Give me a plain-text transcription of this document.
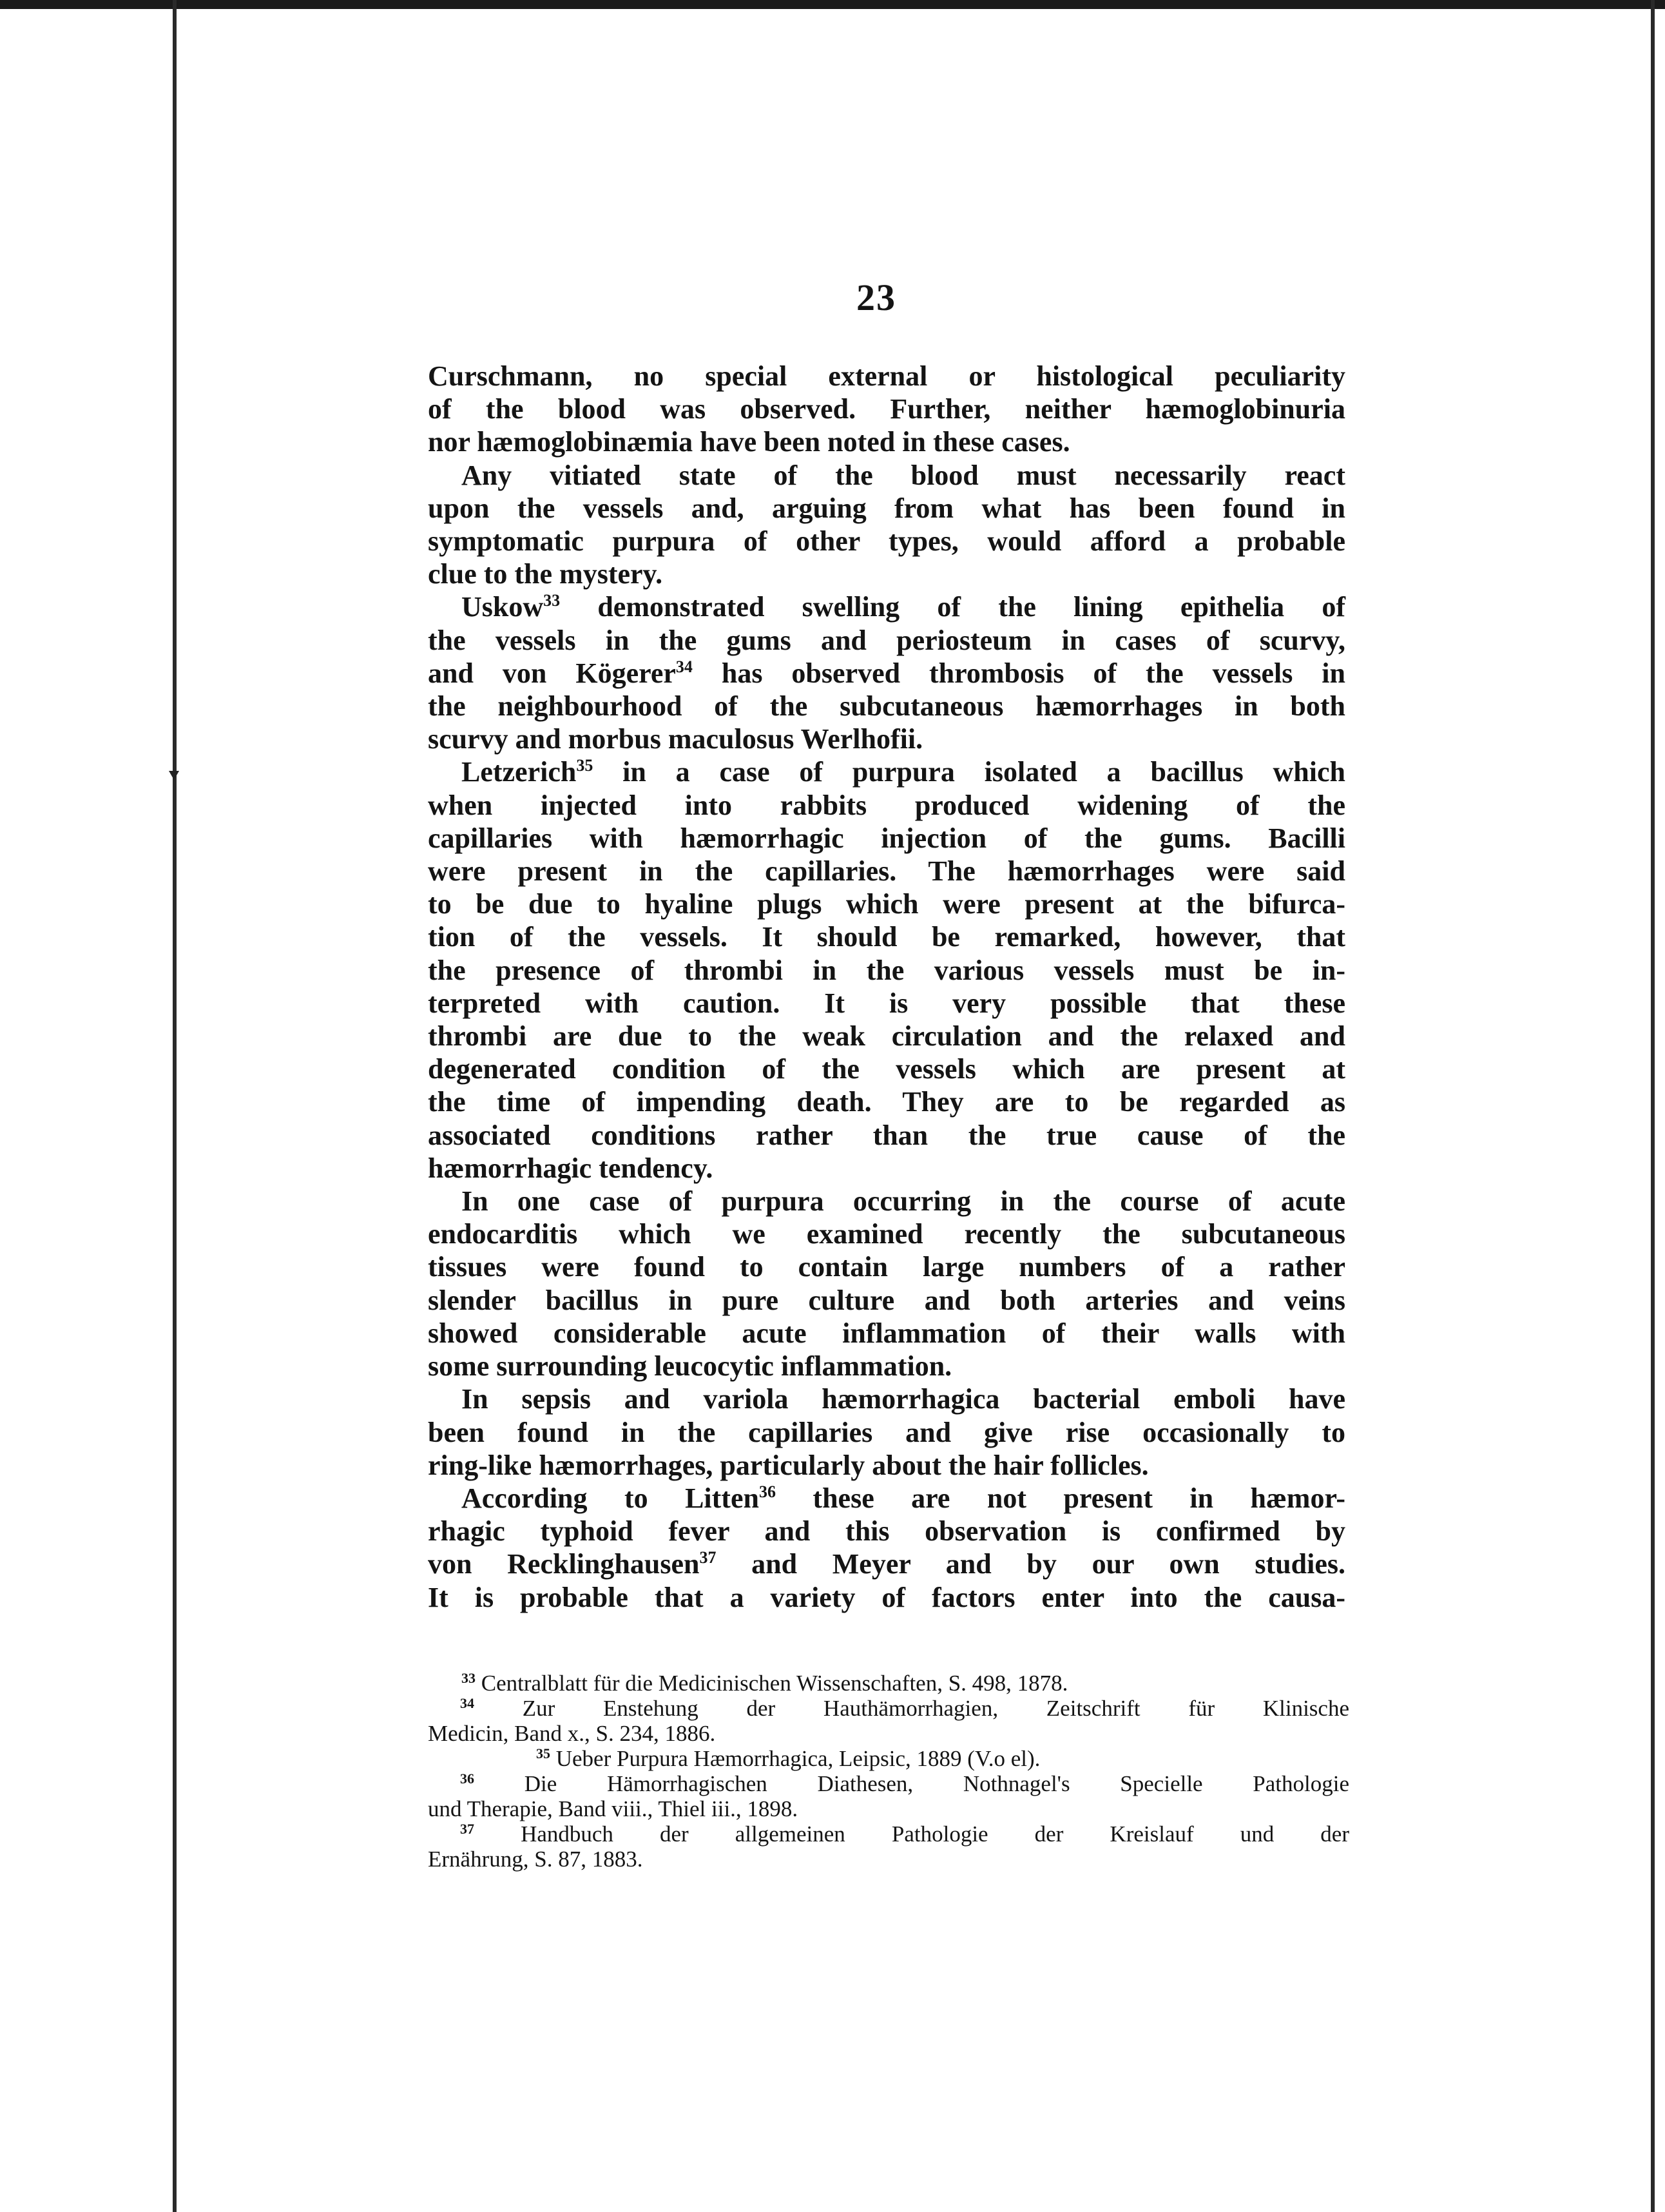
23

Curschmann, no special external or histological peculiarity
of the blood was observed. Further, neither hæmoglobinuria
nor hæmoglobinæmia have been noted in these cases.

Any vitiated state of the blood must necessarily react
upon the vessels and, arguing from what has been found in
symptomatic purpura of other types, would afford a probable
clue to the mystery.

Uskow$^{33}$ demonstrated swelling of the lining epithelia of
the vessels in the gums and periosteum in cases of scurvy,
and von Kögerer$^{34}$ has observed thrombosis of the vessels in
the neighbourhood of the subcutaneous hæmorrhages in both
scurvy and morbus maculosus Werlhofii.

Letzerich$^{35}$ in a case of purpura isolated a bacillus which
when injected into rabbits produced widening of the
capillaries with hæmorrhagic injection of the gums. Bacilli
were present in the capillaries. The hæmorrhages were said
to be due to hyaline plugs which were present at the bifurca-
tion of the vessels. It should be remarked, however, that
the presence of thrombi in the various vessels must be in-
terpreted with caution. It is very possible that these
thrombi are due to the weak circulation and the relaxed and
degenerated condition of the vessels which are present at
the time of impending death. They are to be regarded as
associated conditions rather than the true cause of the
hæmorrhagic tendency.

In one case of purpura occurring in the course of acute
endocarditis which we examined recently the subcutaneous
tissues were found to contain large numbers of a rather
slender bacillus in pure culture and both arteries and veins
showed considerable acute inflammation of their walls with
some surrounding leucocytic inflammation.

In sepsis and variola hæmorrhagica bacterial emboli have
been found in the capillaries and give rise occasionally to
ring-like hæmorrhages, particularly about the hair follicles.

According to Litten$^{36}$ these are not present in hæmor-
rhagic typhoid fever and this observation is confirmed by
von Recklinghausen$^{37}$ and Meyer and by our own studies.
It is probable that a variety of factors enter into the causa-

$^{33}$ Centralblatt für die Medicinischen Wissenschaften, S. 498, 1878.
$^{34}$ Zur Enstehung der Hauthämorrhagien, Zeitschrift für Klinische
Medicin, Band x., S. 234, 1886.
$^{35}$ Ueber Purpura Hæmorrhagica, Leipsic, 1889 (V.o el).
$^{36}$ Die Hämorrhagischen Diathesen, Nothnagel's Specielle Pathologie
und Therapie, Band viii., Thiel iii., 1898.
$^{37}$ Handbuch der allgemeinen Pathologie der Kreislauf und der
Ernährung, S. 87, 1883.
